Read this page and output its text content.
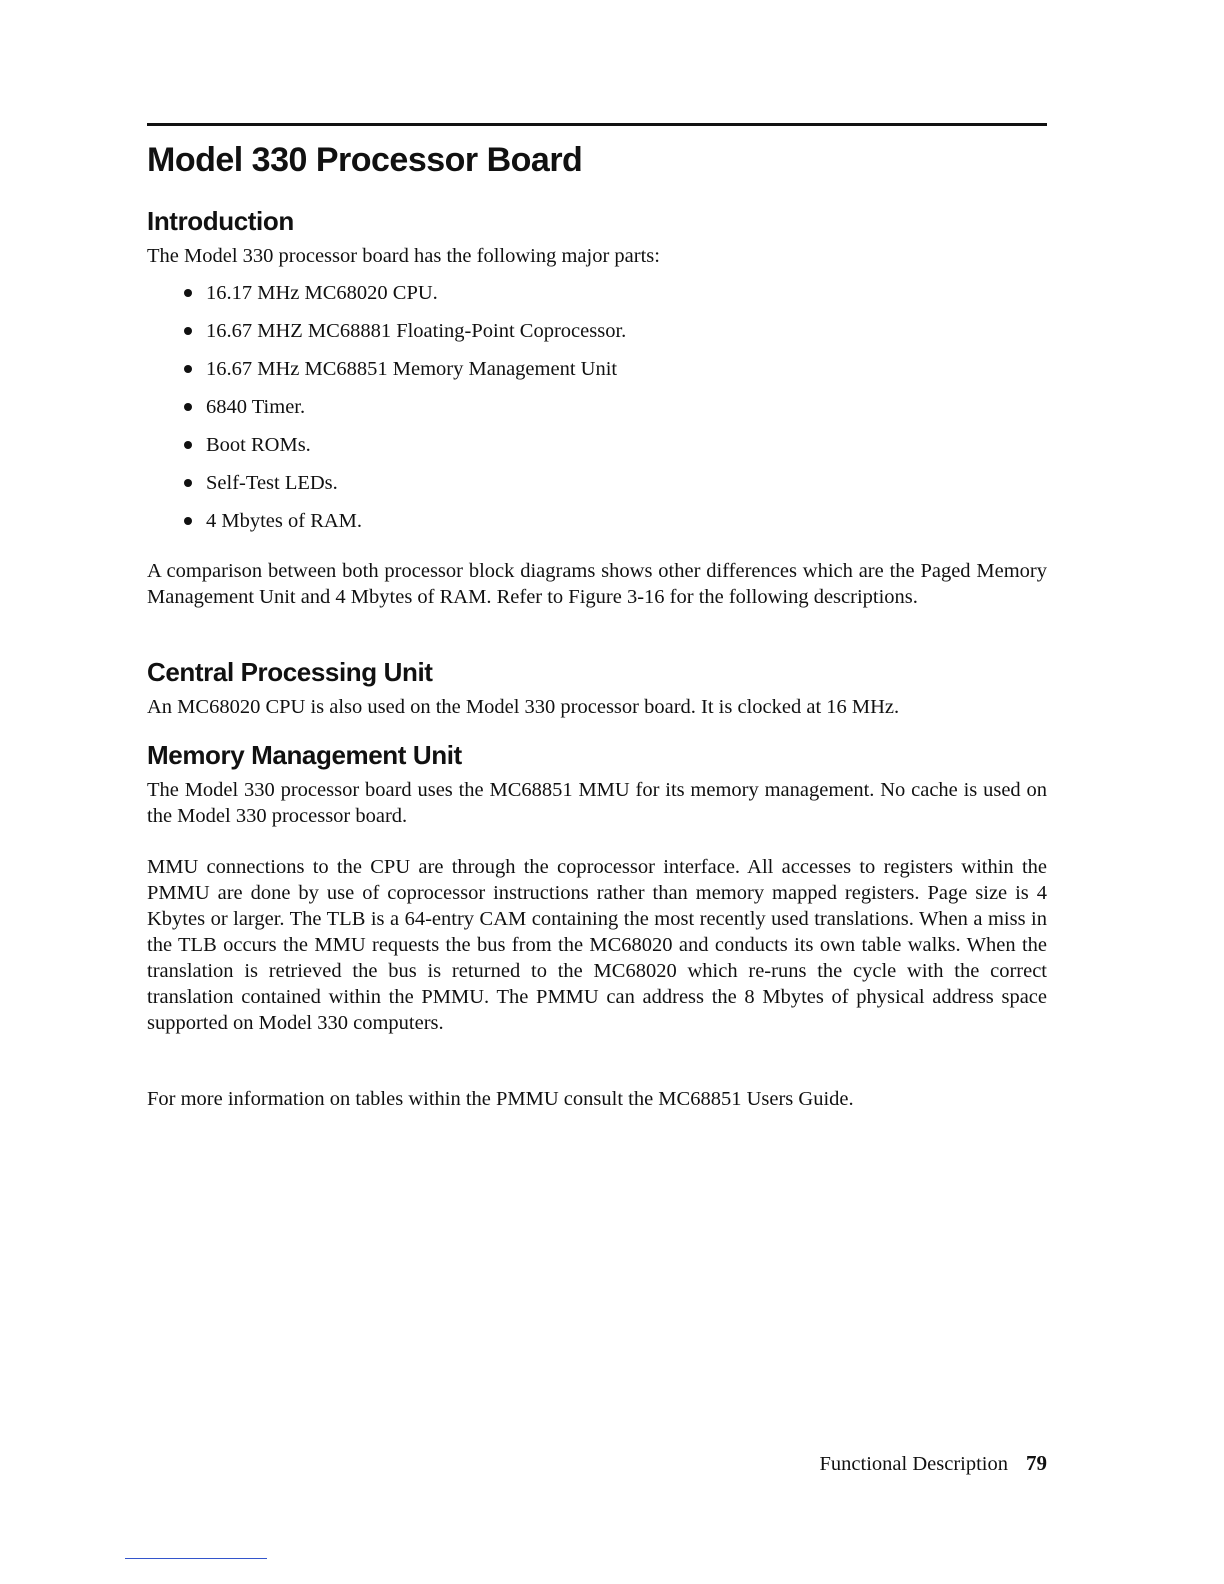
Model 330 Processor Board
Introduction

The Model 330 processor board has the following major parts:

16.17 MHz MC68020 CPU.
16.67 MHZ MC68881 Floating-Point Coprocessor.
16.67 MHz MC68851 Memory Management Unit
6840 Timer.
Boot ROMs.
Self-Test LEDs.
4 Mbytes of RAM.

A comparison between both processor block diagrams shows other differences which are the Paged Memory Management Unit and 4 Mbytes of RAM. Refer to Figure 3-16 for the following descriptions.

Central Processing Unit

An MC68020 CPU is also used on the Model 330 processor board. It is clocked at 16 MHz.

Memory Management Unit

The Model 330 processor board uses the MC68851 MMU for its memory management. No cache is used on the Model 330 processor board.

MMU connections to the CPU are through the coprocessor interface. All accesses to registers within the PMMU are done by use of coprocessor instructions rather than memory mapped registers. Page size is 4 Kbytes or larger. The TLB is a 64-entry CAM containing the most recently used translations. When a miss in the TLB occurs the MMU requests the bus from the MC68020 and conducts its own table walks. When the translation is retrieved the bus is returned to the MC68020 which re-runs the cycle with the correct translation contained within the PMMU. The PMMU can address the 8 Mbytes of physical address space supported on Model 330 computers.

For more information on tables within the PMMU consult the MC68851 Users Guide.

Functional Description 79
